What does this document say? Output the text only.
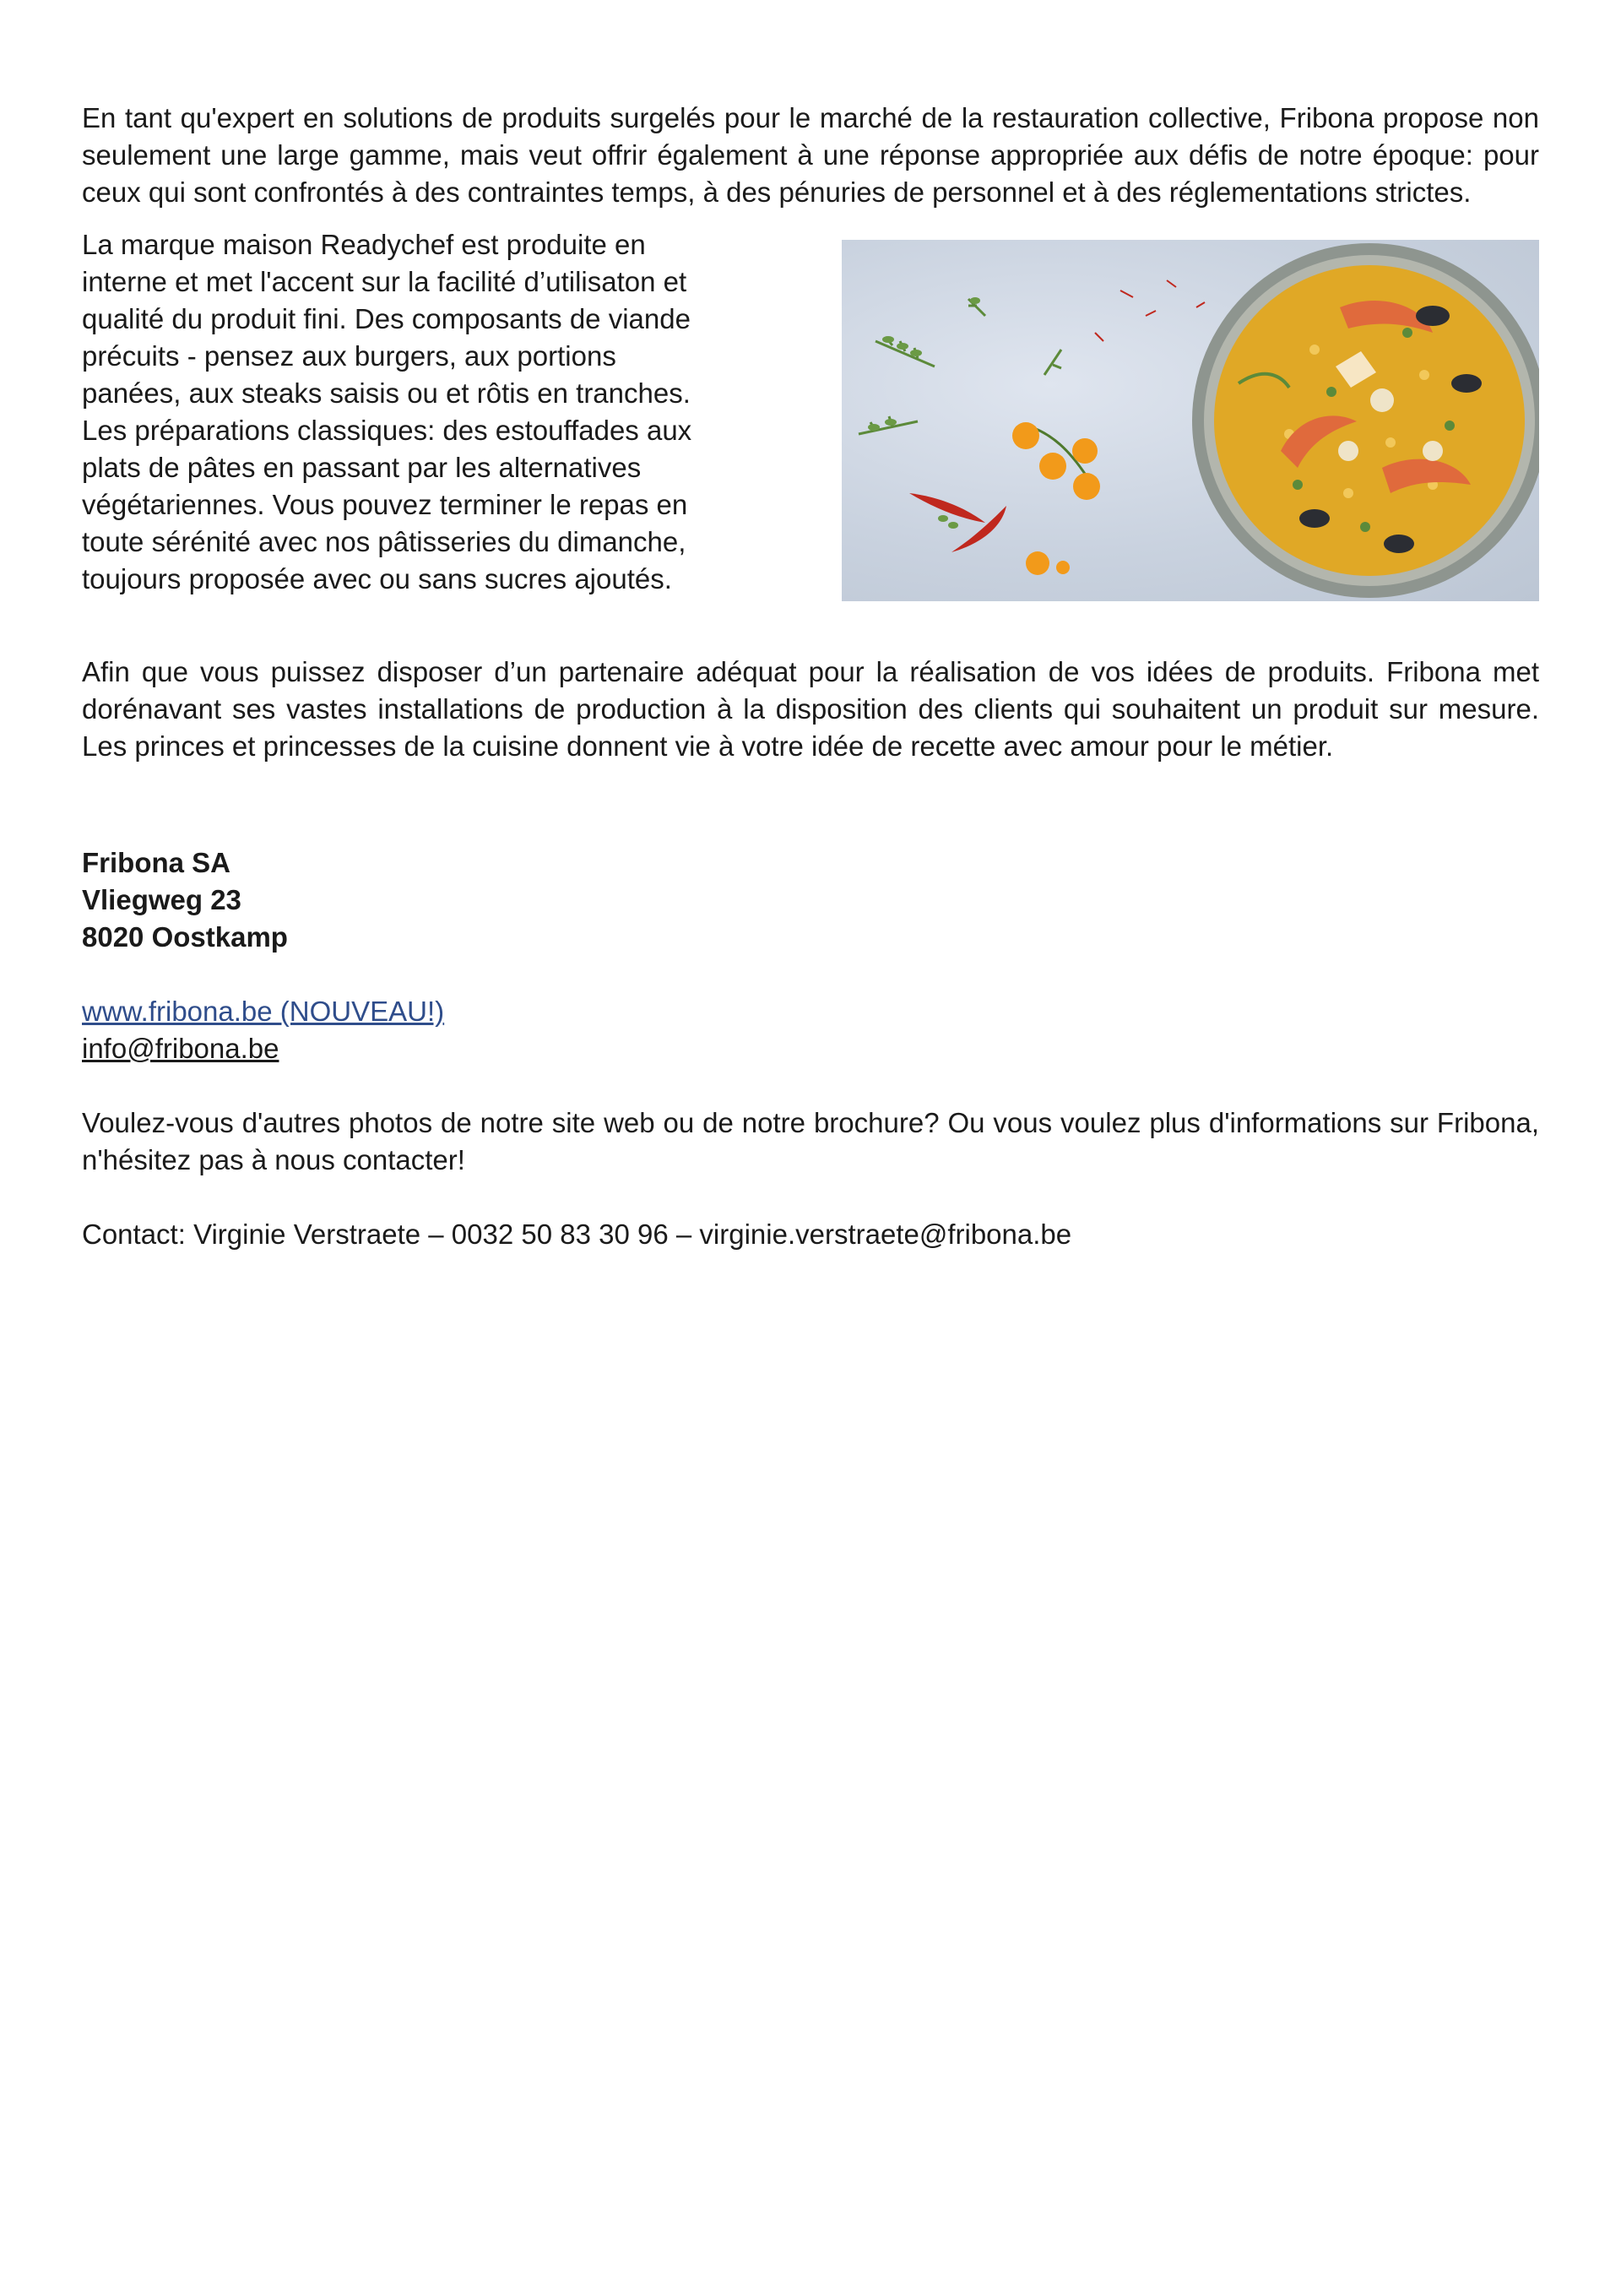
En tant qu'expert en solutions de produits surgelés pour le marché de la restauration collective, Fribona propose non seulement une large gamme, mais veut offrir également à une réponse appropriée aux défis de notre époque: pour ceux qui sont confrontés à des contraintes temps, à des pénuries de personnel et à des réglementations strictes.

La marque maison Readychef est produite en
interne et met l'accent sur la facilité d’utilisaton et
qualité du produit fini. Des composants de viande
précuits - pensez aux burgers, aux portions
panées, aux steaks saisis ou et rôtis en tranches.
Les préparations classiques: des estouffades aux
plats de pâtes en passant par les alternatives
végétariennes. Vous pouvez terminer le repas en
toute sérénité avec nos pâtisseries du dimanche,
toujours proposée avec ou sans sucres ajoutés.

Afin que vous puissez disposer d’un partenaire adéquat pour la réalisation de vos idées de produits. Fribona met dorénavant ses vastes installations de production à la disposition des clients qui souhaitent un produit sur mesure. Les princes et princesses de la cuisine donnent vie à votre idée de recette avec amour pour le métier.

Fribona SA
Vliegweg 23
8020 Oostkamp
www.fribona.be (NOUVEAU!)
info@fribona.be

Voulez-vous d'autres photos de notre site web ou de notre brochure? Ou vous voulez plus d'informations sur Fribona, n'hésitez pas à nous contacter!

Contact: Virginie Verstraete – 0032 50 83 30 96 – virginie.verstraete@fribona.be
